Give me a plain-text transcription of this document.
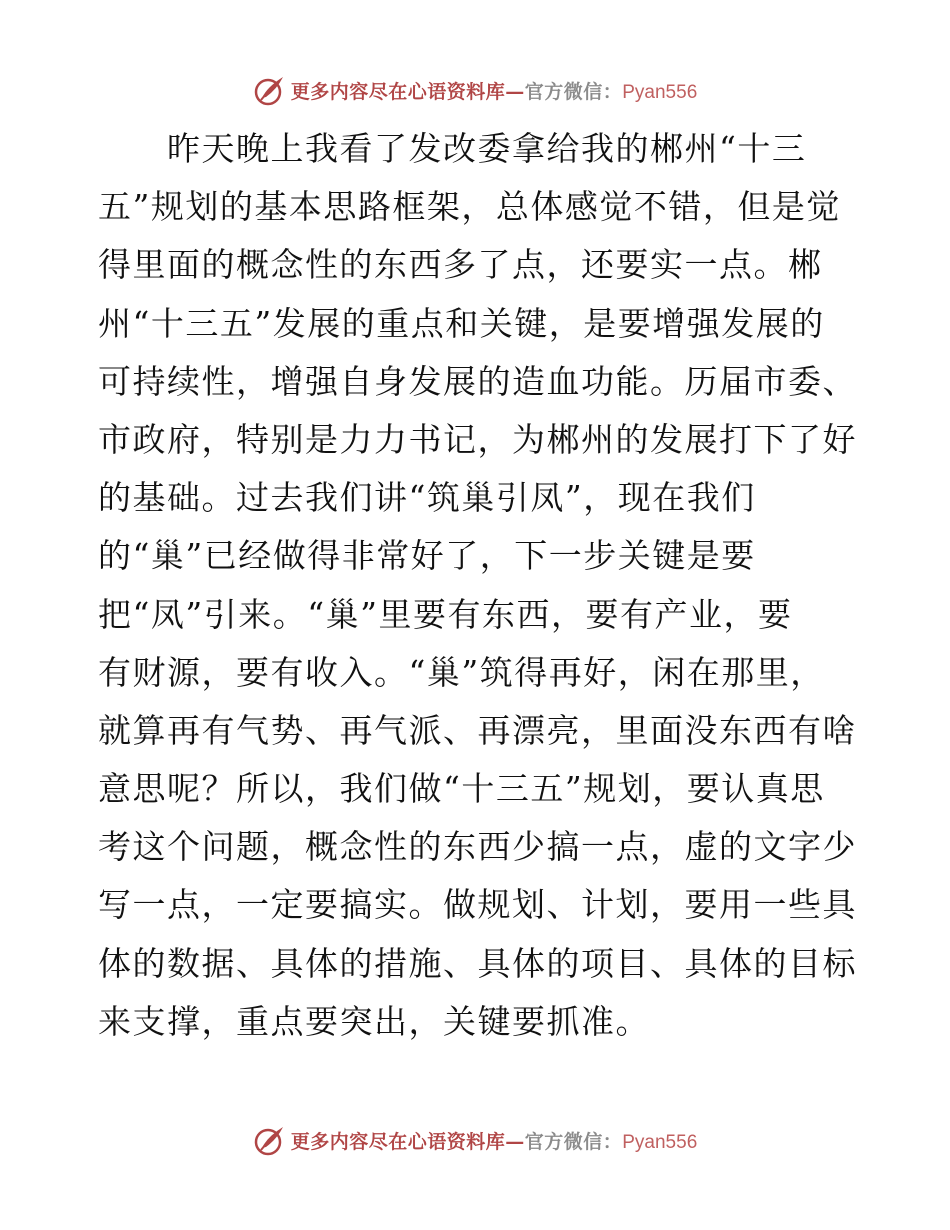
更多内容尽在心语资料库—官方微信：Pyan556
　　昨天晚上我看了发改委拿给我的郴州“十三
五”规划的基本思路框架，总体感觉不错，但是觉
得里面的概念性的东西多了点，还要实一点。郴
州“十三五”发展的重点和关键，是要增强发展的
可持续性，增强自身发展的造血功能。历届市委、
市政府，特别是力力书记，为郴州的发展打下了好
的基础。过去我们讲“筑巢引凤”，现在我们
的“巢”已经做得非常好了，下一步关键是要
把“凤”引来。“巢”里要有东西，要有产业，要
有财源，要有收入。“巢”筑得再好，闲在那里，
就算再有气势、再气派、再漂亮，里面没东西有啥
意思呢？所以，我们做“十三五”规划，要认真思
考这个问题，概念性的东西少搞一点，虚的文字少
写一点，一定要搞实。做规划、计划，要用一些具
体的数据、具体的措施、具体的项目、具体的目标
来支撑，重点要突出，关键要抓准。
更多内容尽在心语资料库—官方微信：Pyan556
